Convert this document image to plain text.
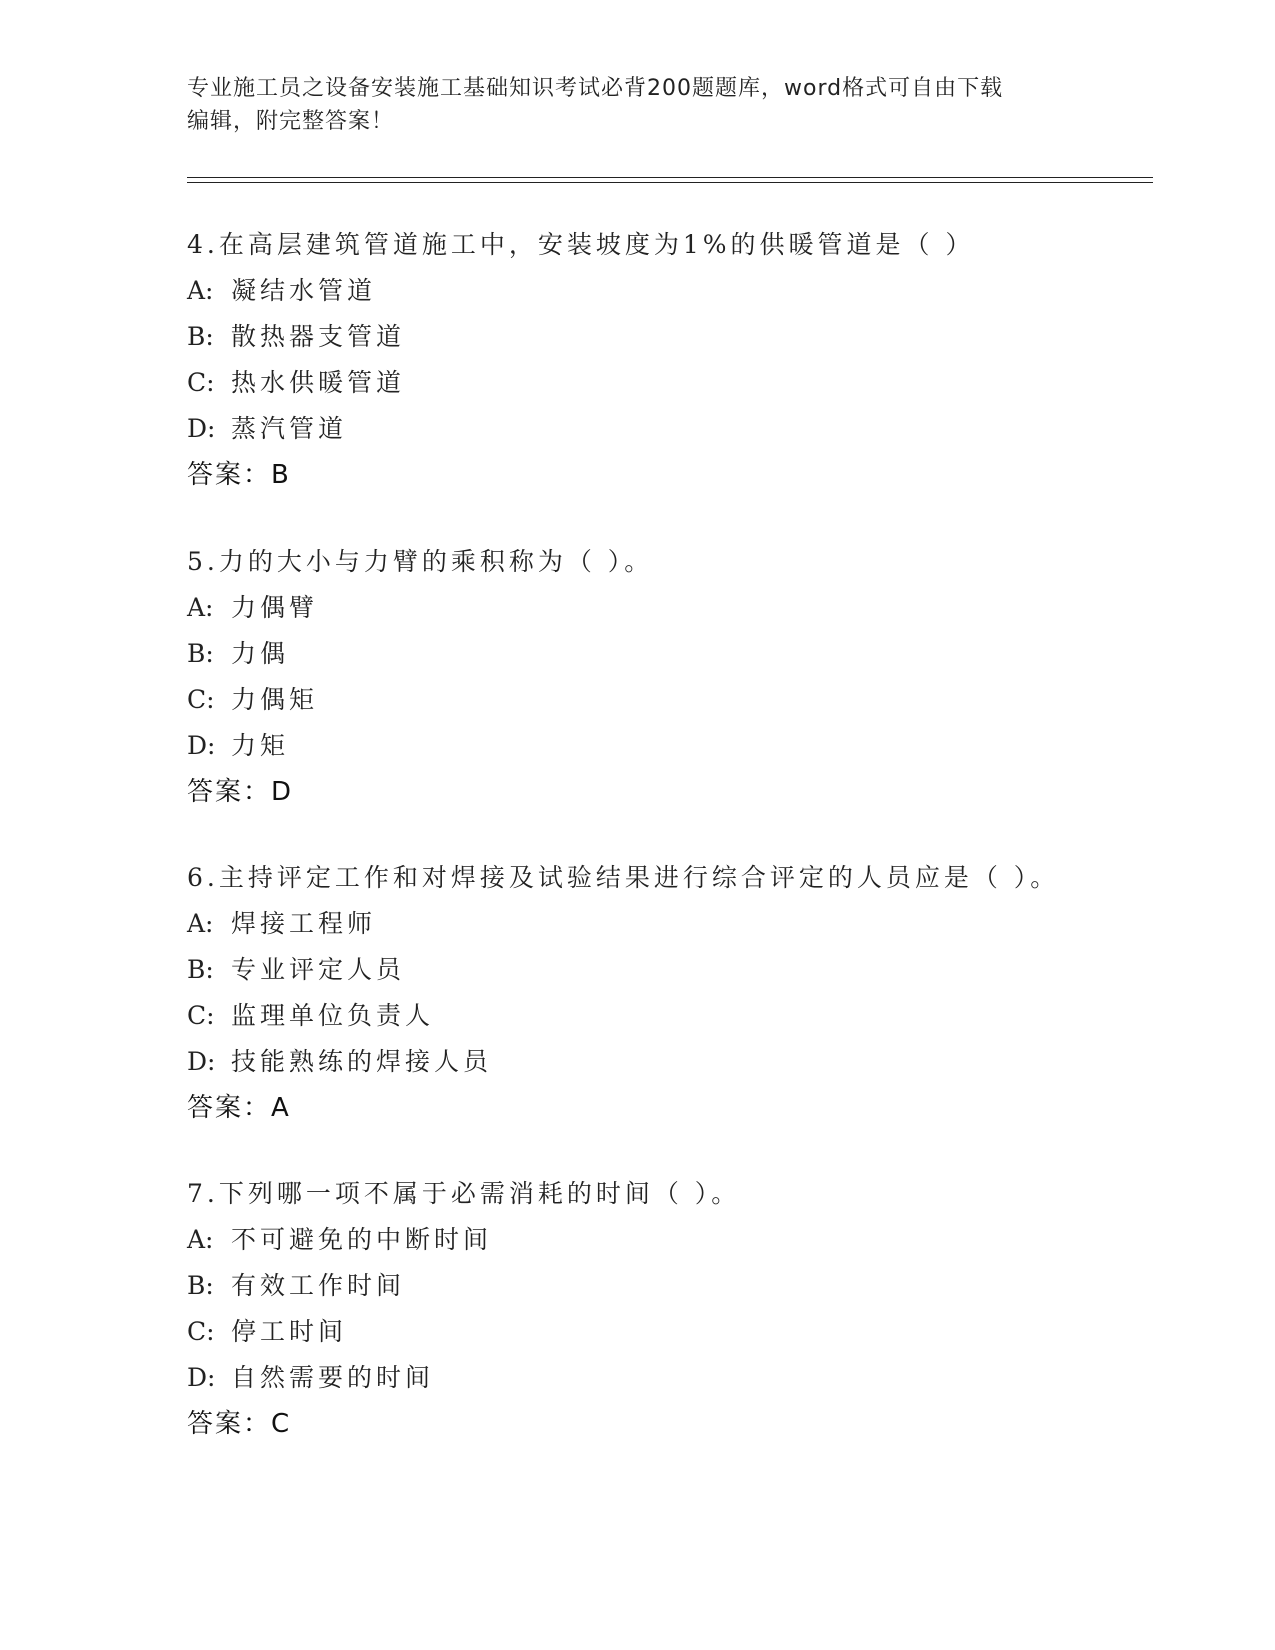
专业施工员之设备安装施工基础知识考试必背200题题库，word格式可自由下载
编辑，附完整答案！
4.在高层建筑管道施工中，安装坡度为1%的供暖管道是（ ）
A: 凝结水管道
B: 散热器支管道
C: 热水供暖管道
D: 蒸汽管道
答案：B
5.力的大小与力臂的乘积称为（ ）。
A: 力偶臂
B: 力偶
C: 力偶矩
D: 力矩
答案：D
6.主持评定工作和对焊接及试验结果进行综合评定的人员应是（ ）。
A: 焊接工程师
B: 专业评定人员
C: 监理单位负责人
D: 技能熟练的焊接人员
答案：A
7.下列哪一项不属于必需消耗的时间（ ）。
A: 不可避免的中断时间
B: 有效工作时间
C: 停工时间
D: 自然需要的时间
答案：C
